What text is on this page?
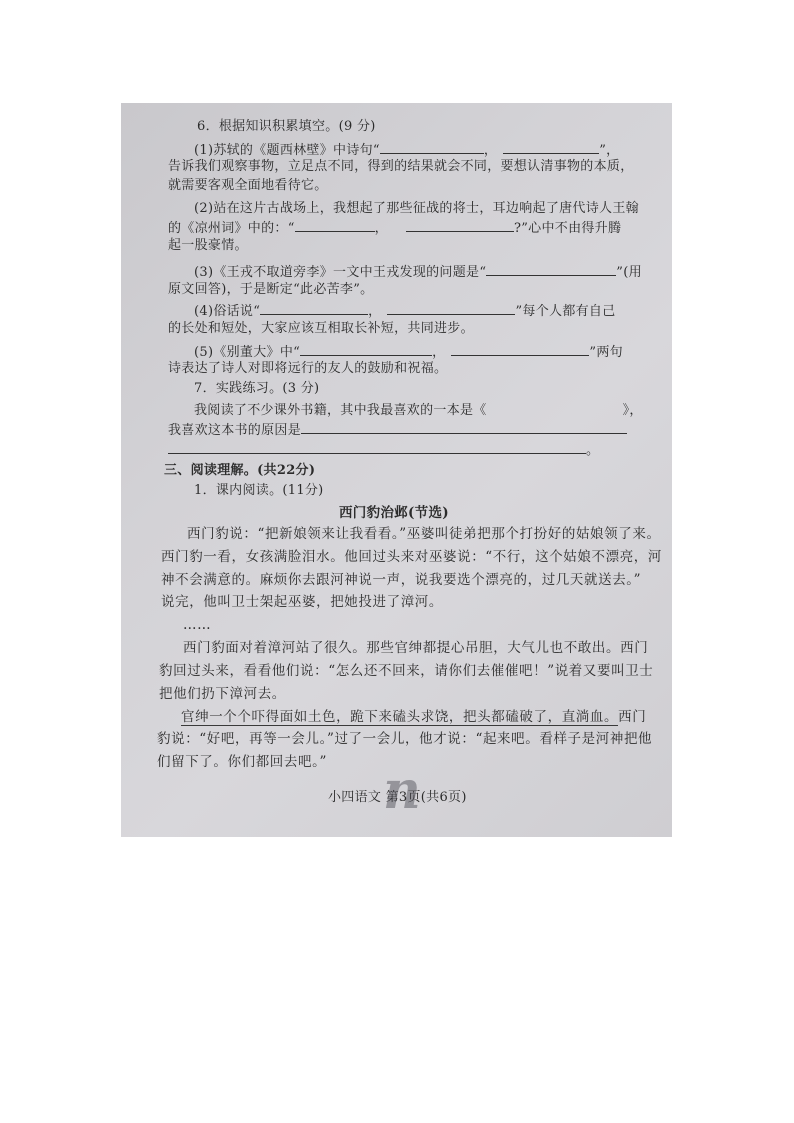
6．根据知识积累填空。(9 分)
(1)苏轼的《题西林壁》中诗句“	，	”，
告诉我们观察事物，立足点不同，得到的结果就会不同，要想认清事物的本质，
就需要客观全面地看待它。
(2)站在这片古战场上，我想起了那些征战的将士，耳边响起了唐代诗人王翰
的《凉州词》中的：“	，	?”心中不由得升腾
起一股豪情。
(3)《王戎不取道旁李》一文中王戎发现的问题是“	”(用
原文回答)，于是断定“此必苦李”。
(4)俗话说“	，	”每个人都有自己
的长处和短处，大家应该互相取长补短，共同进步。
(5)《别董大》中“	，	”两句
诗表达了诗人对即将远行的友人的鼓励和祝福。
7．实践练习。(3 分)
我阅读了不少课外书籍，其中我最喜欢的一本是《	》，
我喜欢这本书的原因是
。
三、阅读理解。(共22分)
1．课内阅读。(11分)
西门豹治邺(节选)
西门豹说：“把新娘领来让我看看。”巫婆叫徒弟把那个打扮好的姑娘领了来。
西门豹一看，女孩满脸泪水。他回过头来对巫婆说：“不行，这个姑娘不漂亮，河
神不会满意的。麻烦你去跟河神说一声，说我要选个漂亮的，过几天就送去。”
说完，他叫卫士架起巫婆，把她投进了漳河。
……
西门豹面对着漳河站了很久。那些官绅都提心吊胆，大气儿也不敢出。西门
豹回过头来，看看他们说：“怎么还不回来，请你们去催催吧！”说着又要叫卫士
把他们扔下漳河去。
官绅一个个吓得面如土色，跪下来磕头求饶，把头都磕破了，直淌血。西门
豹说：“好吧，再等一会儿。”过了一会儿，他才说：“起来吧。看样子是河神把他
们留下了。你们都回去吧。”
小四语文 第3页(共6页)
n
